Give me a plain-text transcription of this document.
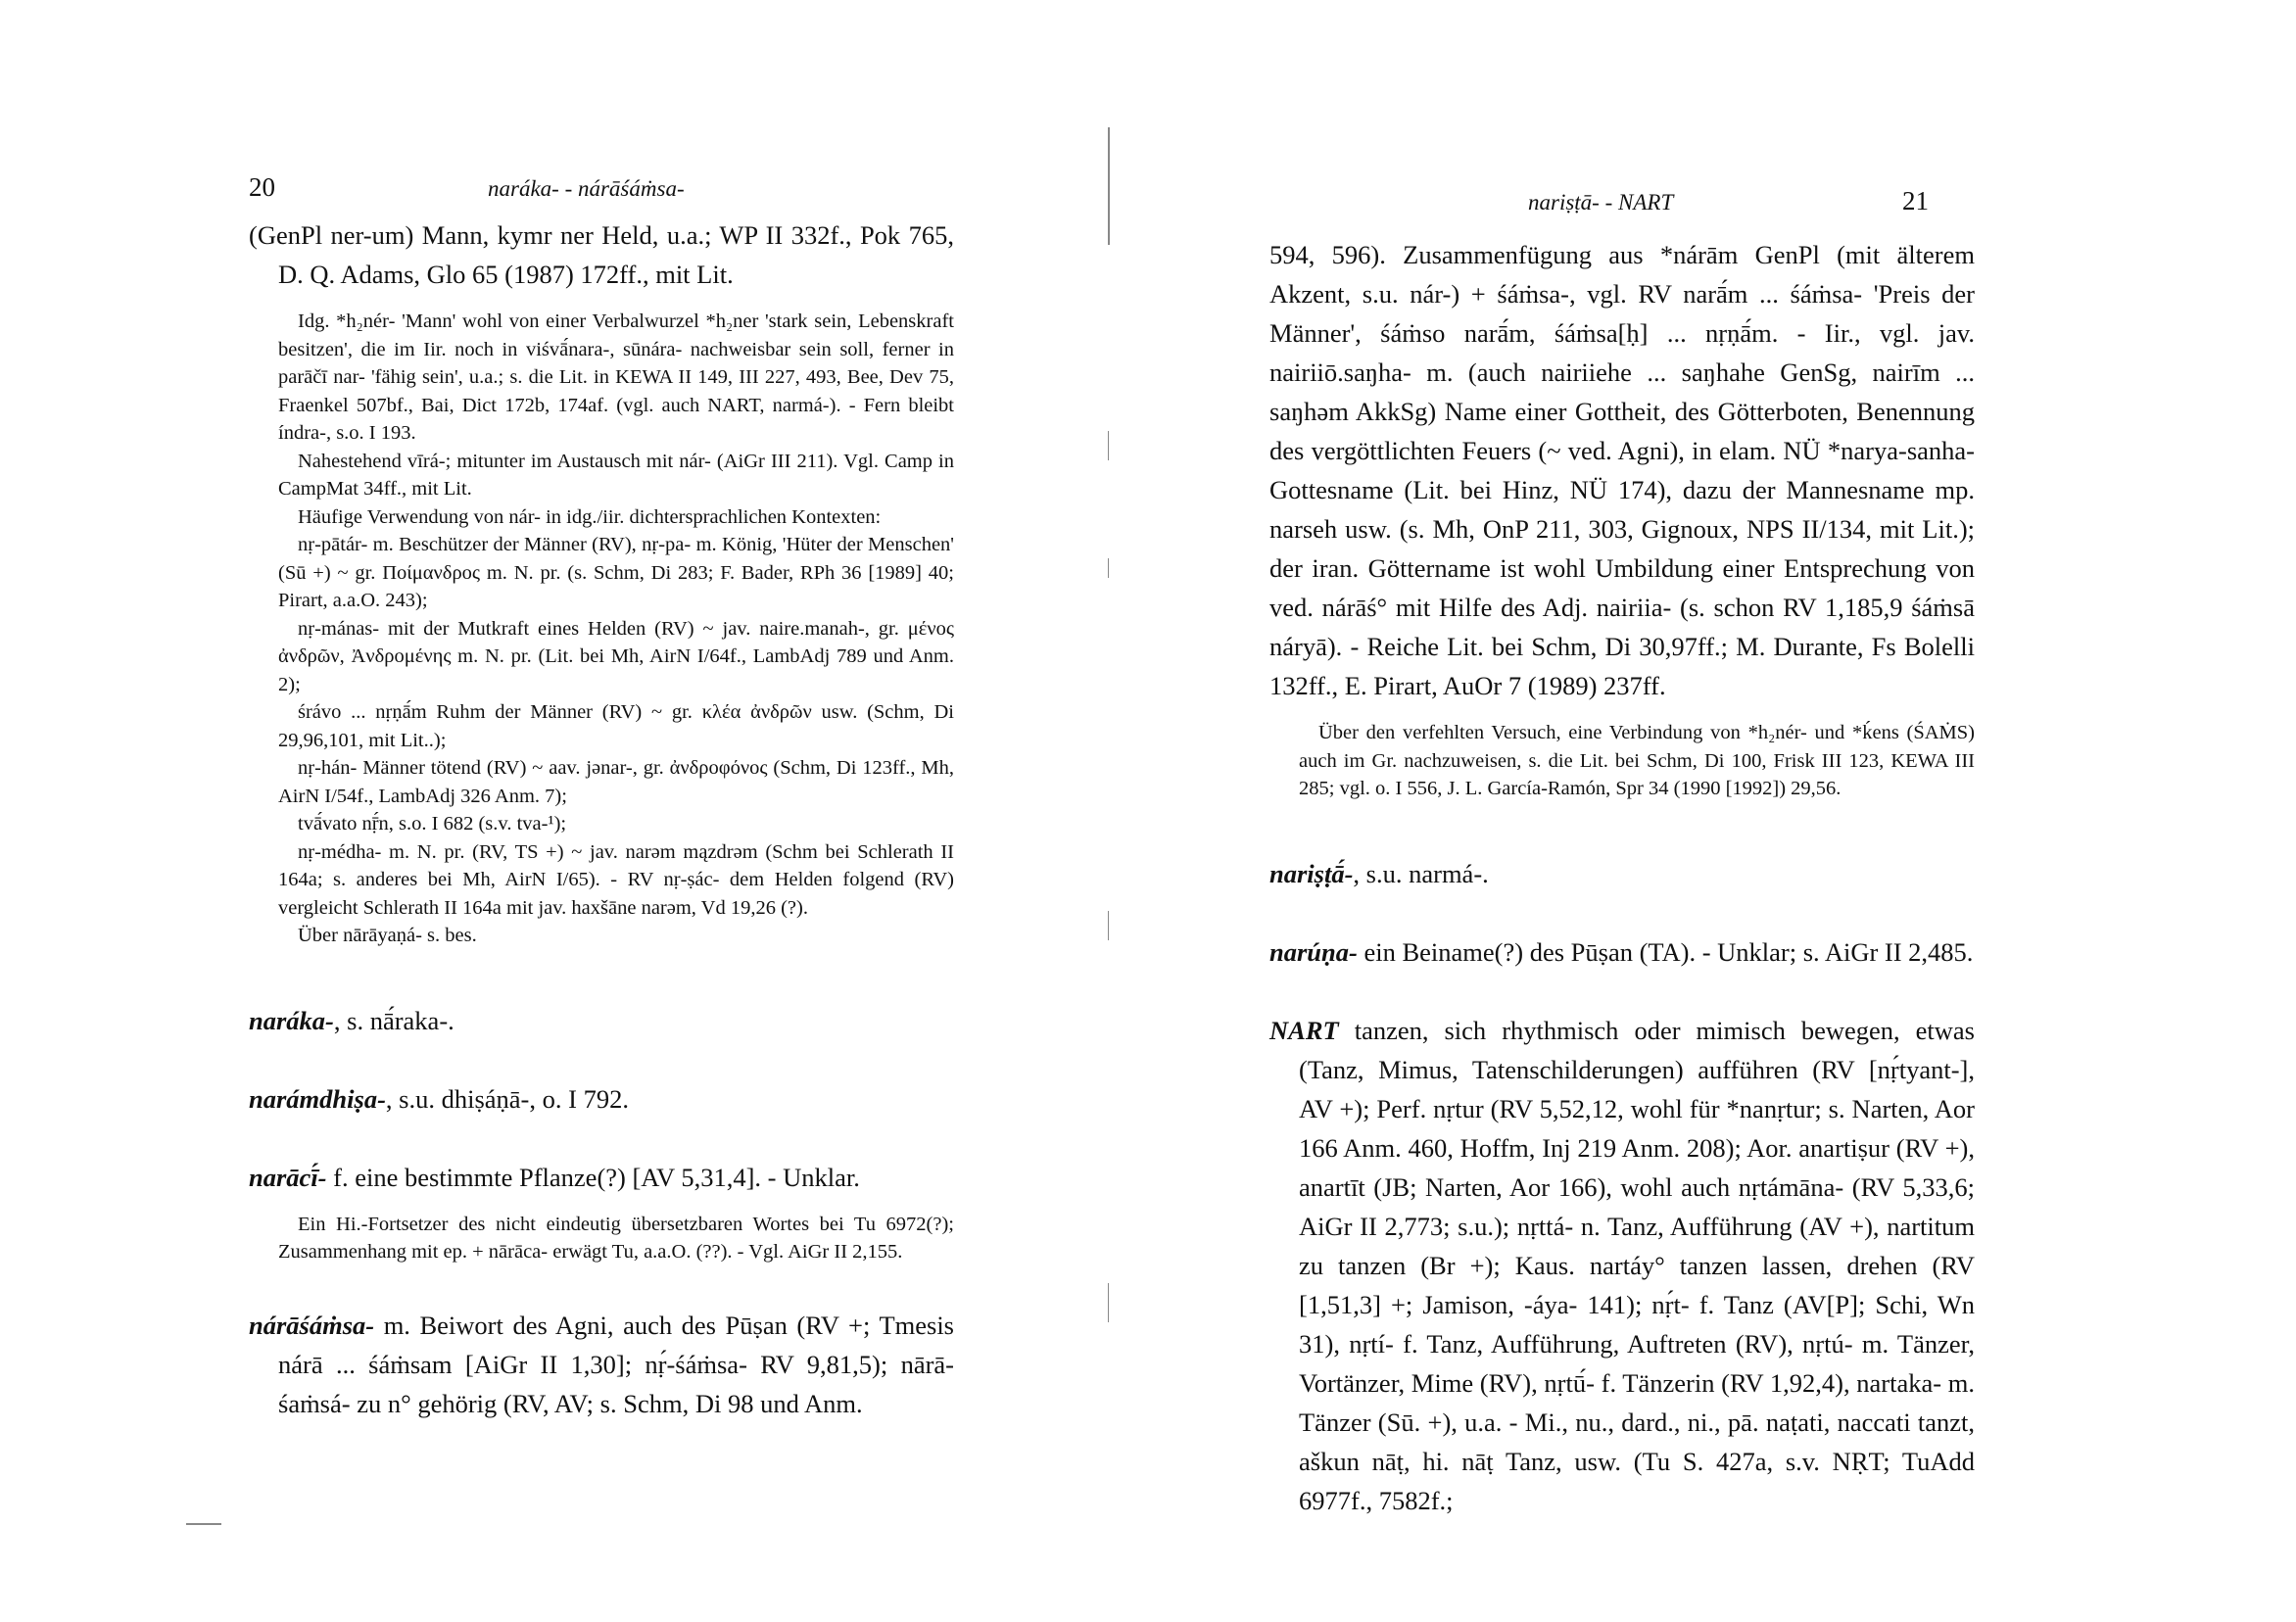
20	naráka- - nárāśáṁsa-

(GenPl ner-um) Mann, kymr ner Held, u.a.; WP II 332f., Pok 765, D. Q. Adams, Glo 65 (1987) 172ff., mit Lit.

Idg. *h₂nér- 'Mann' wohl von einer Verbalwurzel *h₂ner 'stark sein, Lebenskraft besitzen', die im Iir. noch in viśvā́nara-, sūnára- nachweisbar sein soll, ferner in parāčī nar- 'fähig sein', u.a.; s. die Lit. in KEWA II 149, III 227, 493, Bee, Dev 75, Fraenkel 507bf., Bai, Dict 172b, 174af. (vgl. auch NART, narmá-). - Fern bleibt índra-, s.o. I 193.
Nahestehend vīrá-; mitunter im Austausch mit nár- (AiGr III 211). Vgl. Camp in CampMat 34ff., mit Lit.
Häufige Verwendung von nár- in idg./iir. dichtersprachlichen Kontexten:
nṛ-pātár- m. Beschützer der Männer (RV), nṛ-pa- m. König, 'Hüter der Menschen' (Sū +) ~ gr. Ποίμανδρος m. N. pr. (s. Schm, Di 283; F. Bader, RPh 36 [1989] 40; Pirart, a.a.O. 243);
nṛ-mánas- mit der Mutkraft eines Helden (RV) ~ jav. naire.manah-, gr. μένος ἀνδρῶν, Ἀνδρομένης m. N. pr. (Lit. bei Mh, AirN I/64f., LambAdj 789 und Anm. 2);
śrávo ... nṛṇā́m Ruhm der Männer (RV) ~ gr. κλέα ἀνδρῶν usw. (Schm, Di 29,96,101, mit Lit..);
nṛ-hán- Männer tötend (RV) ~ aav. jənar-, gr. ἀνδροφόνος (Schm, Di 123ff., Mh, AirN I/54f., LambAdj 326 Anm. 7);
tvā́vato nṝ́n, s.o. I 682 (s.v. tva-¹);
nṛ-médha- m. N. pr. (RV, TS +) ~ jav. narəm mązdrəm (Schm bei Schlerath II 164a; s. anderes bei Mh, AirN I/65). - RV nṛ-ṣác- dem Helden folgend (RV) vergleicht Schlerath II 164a mit jav. haxšāne narəm, Vd 19,26 (?).
Über nārāyaṇá- s. bes.

naráka-, s. nā́raka-.

narámdhiṣa-, s.u. dhiṣáṇā-, o. I 792.

narācī́- f. eine bestimmte Pflanze(?) [AV 5,31,4]. - Unklar.

Ein Hi.-Fortsetzer des nicht eindeutig übersetzbaren Wortes bei Tu 6972(?); Zusammenhang mit ep. + nārāca- erwägt Tu, a.a.O. (??). - Vgl. AiGr II 2,155.

nárāśáṁsa- m. Beiwort des Agni, auch des Pūṣan (RV +; Tmesis nárā ... śáṁsam [AiGr II 1,30]; nṛ́-śáṁsa- RV 9,81,5); nārā-śaṁsá- zu n° gehörig (RV, AV; s. Schm, Di 98 und Anm.

nariṣṭā- - NART	21

594, 596). Zusammenfügung aus *nárām GenPl (mit älterem Akzent, s.u. nár-) + śáṁsa-, vgl. RV narā́m ... śáṁsa- 'Preis der Männer', śáṁso narā́m, śáṁsa[ḥ] ... nṛṇā́m. - Iir., vgl. jav. nairiiō.saŋha- m. (auch nairiiehe ... saŋhahe GenSg, nairīm ... saŋhəm AkkSg) Name einer Gottheit, des Götterboten, Benennung des vergöttlichten Feuers (~ ved. Agni), in elam. NÜ *narya-sanha- Gottesname (Lit. bei Hinz, NÜ 174), dazu der Mannesname mp. narseh usw. (s. Mh, OnP 211, 303, Gignoux, NPS II/134, mit Lit.); der iran. Göttername ist wohl Umbildung einer Entsprechung von ved. nárāś° mit Hilfe des Adj. nairiia- (s. schon RV 1,185,9 śáṁsā náryā). - Reiche Lit. bei Schm, Di 30,97ff.; M. Durante, Fs Bolelli 132ff., E. Pirart, AuOr 7 (1989) 237ff.

Über den verfehlten Versuch, eine Verbindung von *h₂nér- und *ḱens (ŚAṀS) auch im Gr. nachzuweisen, s. die Lit. bei Schm, Di 100, Frisk III 123, KEWA III 285; vgl. o. I 556, J. L. García-Ramón, Spr 34 (1990 [1992]) 29,56.

nariṣṭā́-, s.u. narmá-.

narúṇa- ein Beiname(?) des Pūṣan (TA). - Unklar; s. AiGr II 2,485.

NART tanzen, sich rhythmisch oder mimisch bewegen, etwas (Tanz, Mimus, Tatenschilderungen) aufführen (RV [nṛ́tyant-], AV +); Perf. nṛtur (RV 5,52,12, wohl für *nanṛtur; s. Narten, Aor 166 Anm. 460, Hoffm, Inj 219 Anm. 208); Aor. anartiṣur (RV +), anartīt (JB; Narten, Aor 166), wohl auch nṛtámāna- (RV 5,33,6; AiGr II 2,773; s.u.); nṛttá- n. Tanz, Aufführung (AV +), nartitum zu tanzen (Br +); Kaus. nartáy° tanzen lassen, drehen (RV [1,51,3] +; Jamison, -áya- 141); nṛ́t- f. Tanz (AV[P]; Schi, Wn 31), nṛtí- f. Tanz, Aufführung, Auftreten (RV), nṛtú- m. Tänzer, Vortänzer, Mime (RV), nṛtū́- f. Tänzerin (RV 1,92,4), nartaka- m. Tänzer (Sū. +), u.a. - Mi., nu., dard., ni., pā. naṭati, naccati tanzt, aškun nāṭ, hi. nāṭ Tanz, usw. (Tu S. 427a, s.v. NṚT; TuAdd 6977f., 7582f.;
